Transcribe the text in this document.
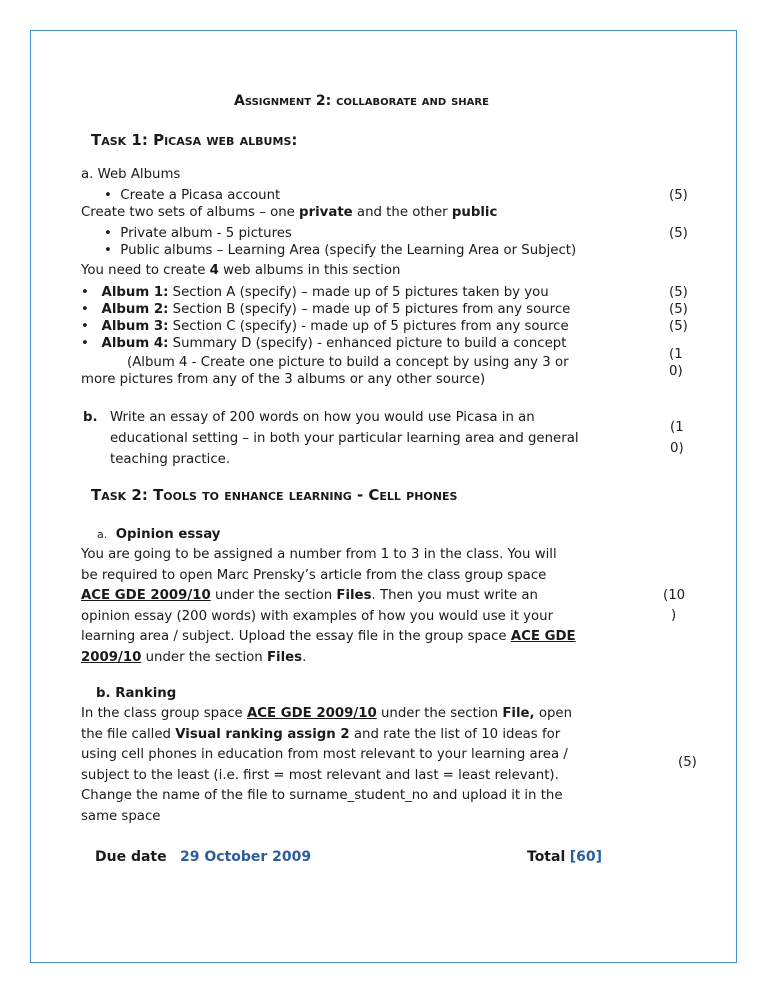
Assignment 2: collaborate and share
Task 1: Picasa web albums:
a. Web Albums
•  Create a Picasa account	(5)
Create two sets of albums – one private and the other public
•  Private album - 5 pictures	(5)
•  Public albums – Learning Area (specify the Learning Area or Subject)
You need to create 4 web albums in this section
•   Album 1: Section A (specify) – made up of 5 pictures taken by you	(5)
•   Album 2: Section B (specify) – made up of 5 pictures from any source	(5)
•   Album 3: Section C (specify) - made up of 5 pictures from any source	(5)
•   Album 4: Summary D (specify) - enhanced picture to build a concept
(Album 4 - Create one picture to build a concept by using any 3 or
more pictures from any of the 3 albums or any other source)
(1
0)
b. Write an essay of 200 words on how you would use Picasa in an
educational setting – in both your particular learning area and general
teaching practice.
(1
0)
Task 2: Tools to enhance learning - Cell phones
a. Opinion essay
You are going to be assigned a number from 1 to 3 in the class. You will
be required to open Marc Prensky’s article from the class group space
ACE GDE 2009/10 under the section Files. Then you must write an
opinion essay (200 words) with examples of how you would use it your
learning area / subject. Upload the essay file in the group space ACE GDE
2009/10 under the section Files.
(10
)
b. Ranking
In the class group space ACE GDE 2009/10 under the section File, open
the file called Visual ranking assign 2 and rate the list of 10 ideas for
using cell phones in education from most relevant to your learning area /
subject to the least (i.e. first = most relevant and last = least relevant).
Change the name of the file to surname_student_no and upload it in the
same space
(5)
Due date 29 October 2009	Total [60]
